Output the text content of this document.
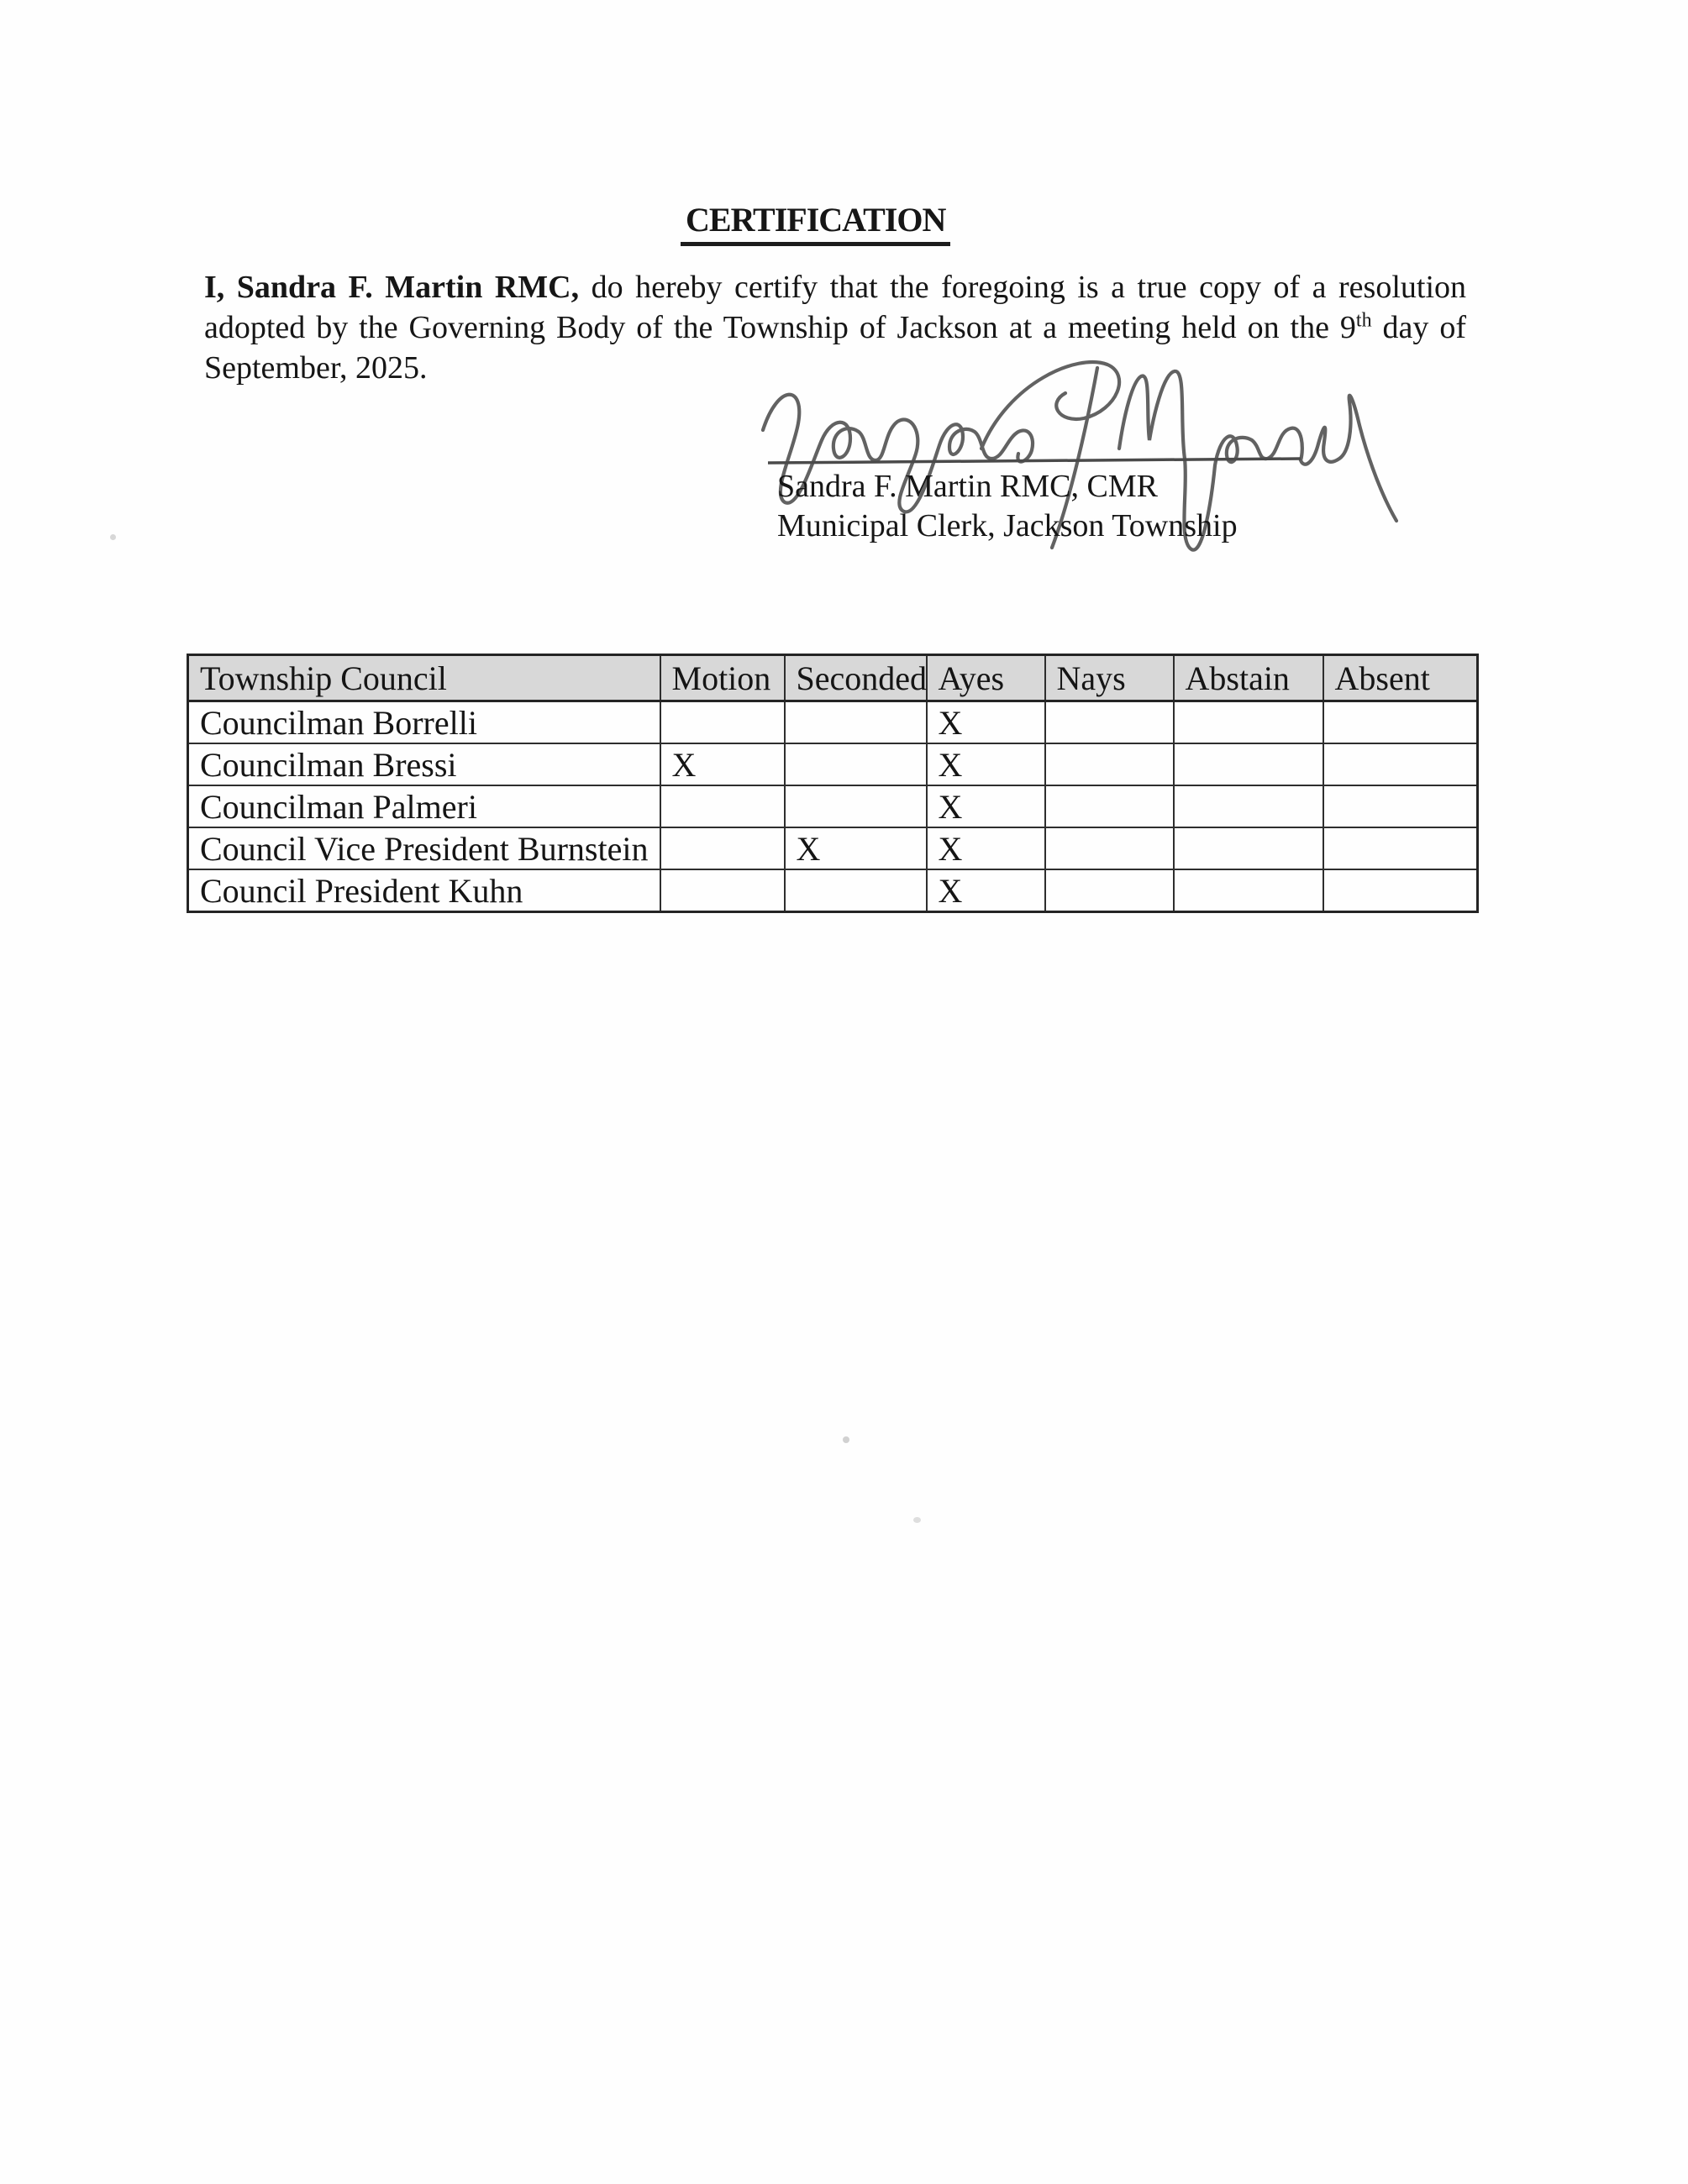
CERTIFICATION
I, Sandra F. Martin RMC, do hereby certify that the foregoing is a true copy of a resolution
adopted by the Governing Body of the Township of Jackson at a meeting held on the 9th day of
September, 2025.
Sandra F. Martin RMC, CMR
Municipal Clerk, Jackson Township
Township Council	Motion	Seconded	Ayes	Nays	Abstain	Absent
Councilman Borrelli			X			
Councilman Bressi	X		X			
Councilman Palmeri			X			
Council Vice President Burnstein		X	X			
Council President Kuhn			X			
